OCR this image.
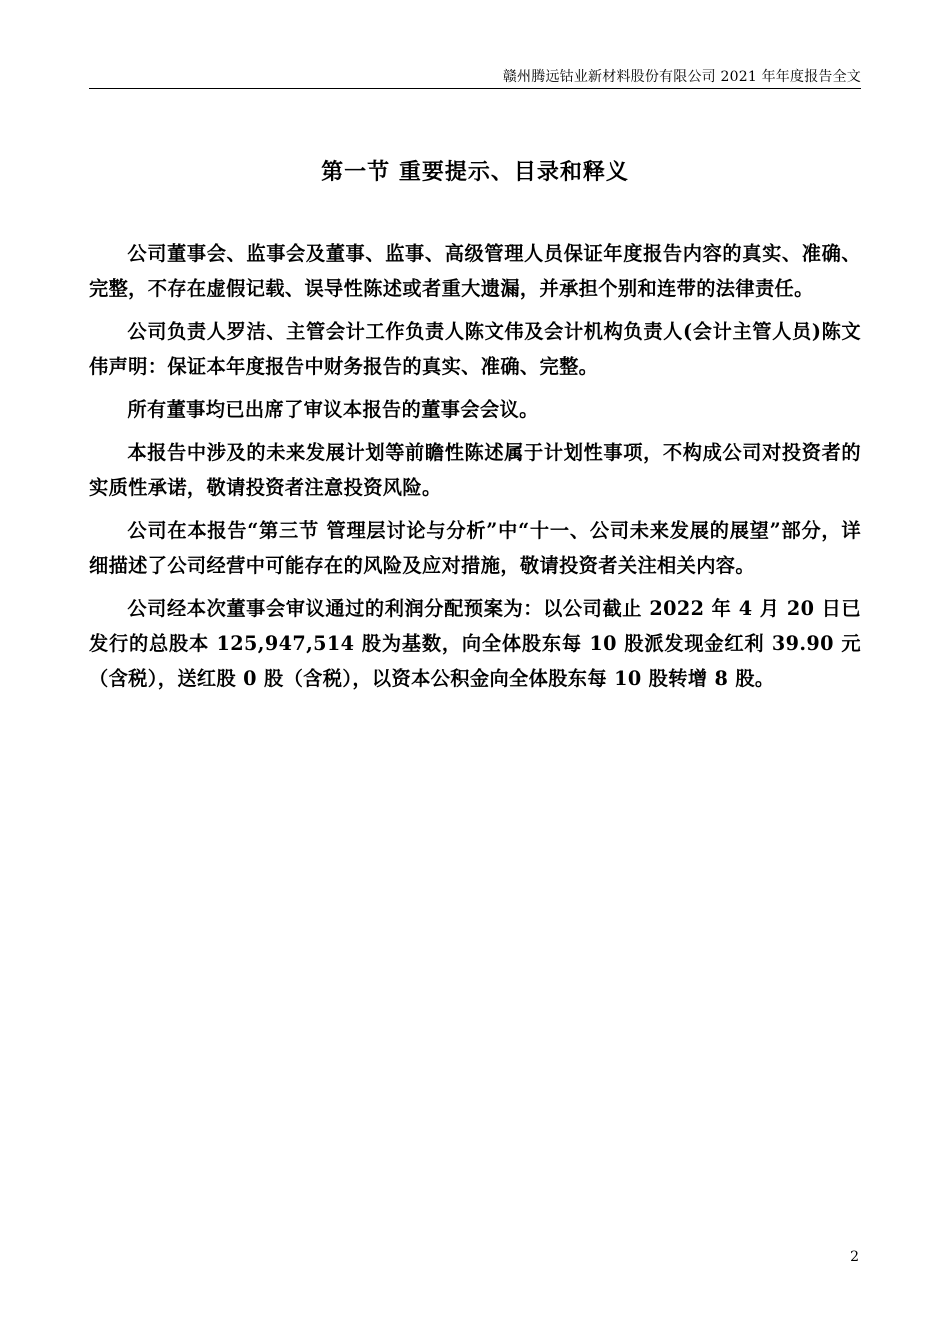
赣州腾远钴业新材料股份有限公司 2021 年年度报告全文
第一节 重要提示、目录和释义

公司董事会、监事会及董事、监事、高级管理人员保证年度报告内容的真实、准确、完整，不存在虚假记载、误导性陈述或者重大遗漏，并承担个别和连带的法律责任。

公司负责人罗洁、主管会计工作负责人陈文伟及会计机构负责人(会计主管人员)陈文伟声明：保证本年度报告中财务报告的真实、准确、完整。

所有董事均已出席了审议本报告的董事会会议。

本报告中涉及的未来发展计划等前瞻性陈述属于计划性事项，不构成公司对投资者的实质性承诺，敬请投资者注意投资风险。

公司在本报告“第三节 管理层讨论与分析”中“十一、公司未来发展的展望”部分，详细描述了公司经营中可能存在的风险及应对措施，敬请投资者关注相关内容。

公司经本次董事会审议通过的利润分配预案为：以公司截止 2022 年 4 月 20 日已发行的总股本 125,947,514 股为基数，向全体股东每 10 股派发现金红利 39.90 元（含税），送红股 0 股（含税），以资本公积金向全体股东每 10 股转增 8 股。

2
